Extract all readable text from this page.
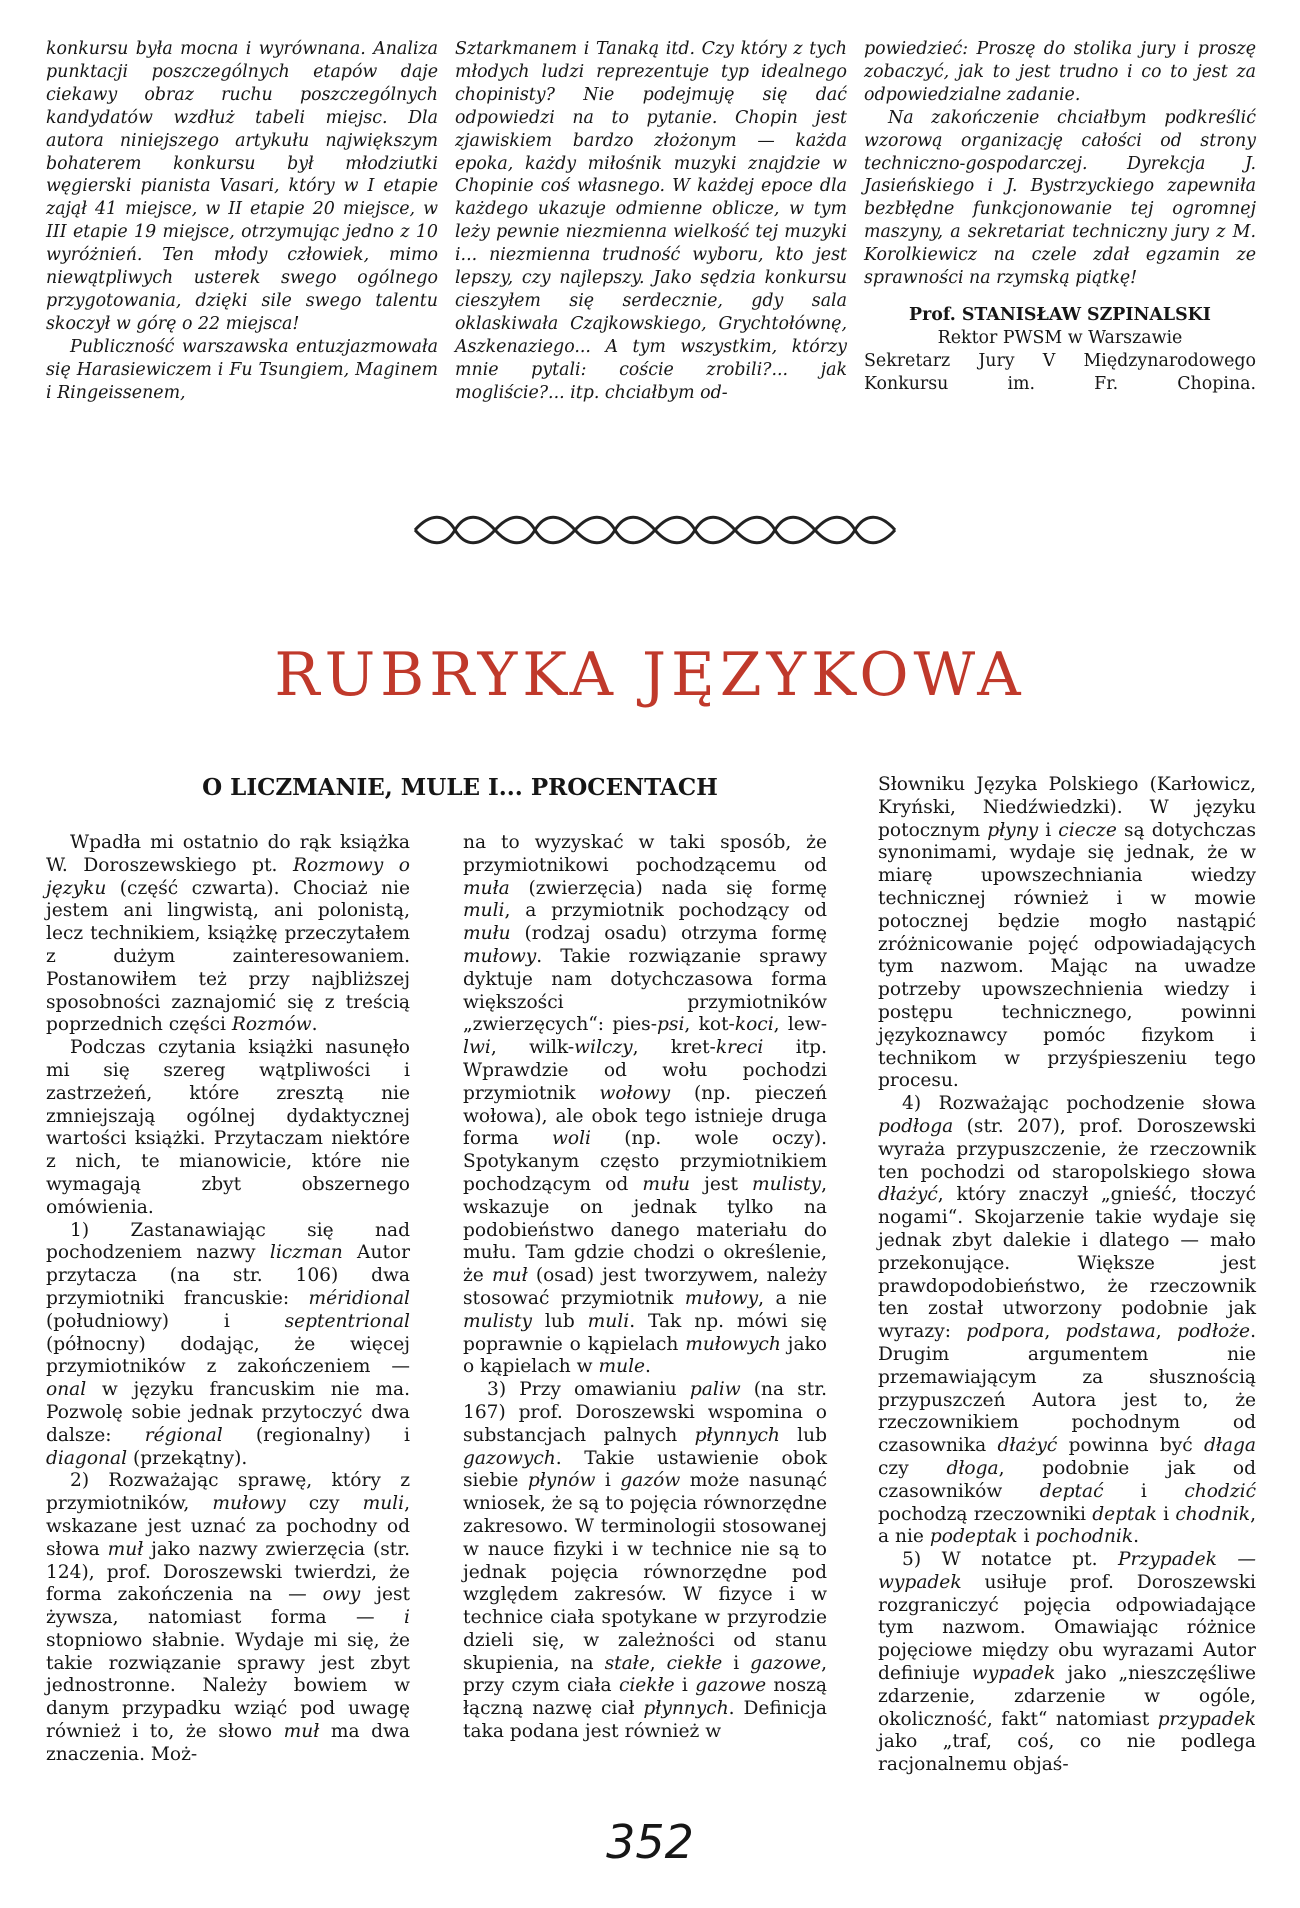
konkursu była mocna i wyrównana. Analiza punktacji poszczególnych etapów daje ciekawy obraz ruchu poszczególnych kandydatów wzdłuż tabeli miejsc. Dla autora niniejszego artykułu największym bohaterem konkursu był młodziutki węgierski pianista Vasari, który w I etapie zajął 41 miejsce, w II etapie 20 miejsce, w III etapie 19 miejsce, otrzymując jedno z 10 wyróżnień. Ten młody człowiek, mimo niewątpliwych usterek swego ogólnego przygotowania, dzięki sile swego talentu skoczył w górę o 22 miejsca!

Publiczność warszawska entuzjazmowała się Harasiewiczem i Fu Tsungiem, Maginem i Ringeissenem,

Sztarkmanem i Tanaką itd. Czy który z tych młodych ludzi reprezentuje typ idealnego chopinisty? Nie podejmuję się dać odpowiedzi na to pytanie. Chopin jest zjawiskiem bardzo złożonym — każda epoka, każdy miłośnik muzyki znajdzie w Chopinie coś własnego. W każdej epoce dla każdego ukazuje odmienne oblicze, w tym leży pewnie niezmienna wielkość tej muzyki i... niezmienna trudność wyboru, kto jest lepszy, czy najlepszy. Jako sędzia konkursu cieszyłem się serdecznie, gdy sala oklaskiwała Czajkowskiego, Grychtołównę, Aszkenaziego... A tym wszystkim, którzy mnie pytali: coście zrobili?... jak mogliście?... itp. chciałbym od-

powiedzieć: Proszę do stolika jury i proszę zobaczyć, jak to jest trudno i co to jest za odpowiedzialne zadanie.

Na zakończenie chciałbym podkreślić wzorową organizację całości od strony techniczno-gospodarczej. Dyrekcja J. Jasieńskiego i J. Bystrzyckiego zapewniła bezbłędne funkcjonowanie tej ogromnej maszyny, a sekretariat techniczny jury z M. Korolkiewicz na czele zdał egzamin ze sprawności na rzymską piątkę!

Prof. STANISŁAW SZPINALSKI
Rektor PWSM w Warszawie
Sekretarz Jury V Międzynarodowego Konkursu im. Fr. Chopina.
RUBRYKA JĘZYKOWA
O LICZMANIE, MULE I... PROCENTACH

Wpadła mi ostatnio do rąk książka W. Doroszewskiego pt. Rozmowy o języku (część czwarta). Chociaż nie jestem ani lingwistą, ani polonistą, lecz technikiem, książkę przeczytałem z dużym zainteresowaniem. Postanowiłem też przy najbliższej sposobności zaznajomić się z treścią poprzednich części Rozmów.

Podczas czytania książki nasunęło mi się szereg wątpliwości i zastrzeżeń, które zresztą nie zmniejszają ogólnej dydaktycznej wartości książki. Przytaczam niektóre z nich, te mianowicie, które nie wymagają zbyt obszernego omówienia.

1) Zastanawiając się nad pochodzeniem nazwy liczman Autor przytacza (na str. 106) dwa przymiotniki francuskie: méridional (południowy) i septentrional (północny) dodając, że więcej przymiotników z zakończeniem — onal w języku francuskim nie ma. Pozwolę sobie jednak przytoczyć dwa dalsze: régional (regionalny) i diagonal (przekątny).

2) Rozważając sprawę, który z przymiotników, mułowy czy muli, wskazane jest uznać za pochodny od słowa muł jako nazwy zwierzęcia (str. 124), prof. Doroszewski twierdzi, że forma zakończenia na — owy jest żywsza, natomiast forma — i stopniowo słabnie. Wydaje mi się, że takie rozwiązanie sprawy jest zbyt jednostronne. Należy bowiem w danym przypadku wziąć pod uwagę również i to, że słowo muł ma dwa znaczenia. Moż-

na to wyzyskać w taki sposób, że przymiotnikowi pochodzącemu od muła (zwierzęcia) nada się formę muli, a przymiotnik pochodzący od mułu (rodzaj osadu) otrzyma formę mułowy. Takie rozwiązanie sprawy dyktuje nam dotychczasowa forma większości przymiotników „zwierzęcych“: pies-psi, kot-koci, lew-lwi, wilk-wilczy, kret-kreci itp. Wprawdzie od wołu pochodzi przymiotnik wołowy (np. pieczeń wołowa), ale obok tego istnieje druga forma woli (np. wole oczy). Spotykanym często przymiotnikiem pochodzącym od mułu jest mulisty, wskazuje on jednak tylko na podobieństwo danego materiału do mułu. Tam gdzie chodzi o określenie, że muł (osad) jest tworzywem, należy stosować przymiotnik mułowy, a nie mulisty lub muli. Tak np. mówi się poprawnie o kąpielach mułowych jako o kąpielach w mule.

3) Przy omawianiu paliw (na str. 167) prof. Doroszewski wspomina o substancjach palnych płynnych lub gazowych. Takie ustawienie obok siebie płynów i gazów może nasunąć wniosek, że są to pojęcia równorzędne zakresowo. W terminologii stosowanej w nauce fizyki i w technice nie są to jednak pojęcia równorzędne pod względem zakresów. W fizyce i w technice ciała spotykane w przyrodzie dzieli się, w zależności od stanu skupienia, na stałe, ciekłe i gazowe, przy czym ciała ciekłe i gazowe noszą łączną nazwę ciał płynnych. Definicja taka podana jest również w

Słowniku Języka Polskiego (Karłowicz, Kryński, Niedźwiedzki). W języku potocznym płyny i ciecze są dotychczas synonimami, wydaje się jednak, że w miarę upowszechniania wiedzy technicznej również i w mowie potocznej będzie mogło nastąpić zróżnicowanie pojęć odpowiadających tym nazwom. Mając na uwadze potrzeby upowszechnienia wiedzy i postępu technicznego, powinni językoznawcy pomóc fizykom i technikom w przyśpieszeniu tego procesu.

4) Rozważając pochodzenie słowa podłoga (str. 207), prof. Doroszewski wyraża przypuszczenie, że rzeczownik ten pochodzi od staropolskiego słowa dłażyć, który znaczył „gnieść, tłoczyć nogami“. Skojarzenie takie wydaje się jednak zbyt dalekie i dlatego — mało przekonujące. Większe jest prawdopodobieństwo, że rzeczownik ten został utworzony podobnie jak wyrazy: podpora, podstawa, podłoże. Drugim argumentem nie przemawiającym za słusznością przypuszczeń Autora jest to, że rzeczownikiem pochodnym od czasownika dłażyć powinna być dłaga czy dłoga, podobnie jak od czasowników deptać i chodzić pochodzą rzeczowniki deptak i chodnik, a nie podeptak i pochodnik.

5) W notatce pt. Przypadek — wypadek usiłuje prof. Doroszewski rozgraniczyć pojęcia odpowiadające tym nazwom. Omawiając różnice pojęciowe między obu wyrazami Autor definiuje wypadek jako „nieszczęśliwe zdarzenie, zdarzenie w ogóle, okoliczność, fakt“ natomiast przypadek jako „traf, coś, co nie podlega racjonalnemu objaś-

352
